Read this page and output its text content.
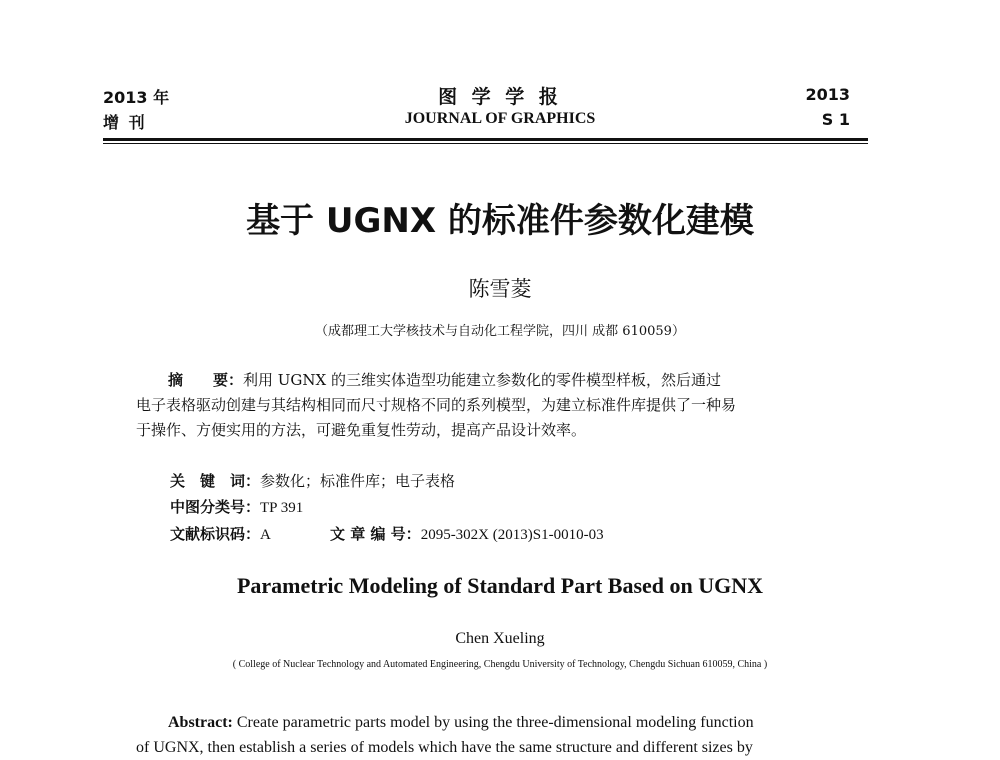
2013 年
增 刊
图 学 学 报
JOURNAL OF GRAPHICS
2013
S 1
基于 UGNX 的标准件参数化建模
陈雪菱
（成都理工大学核技术与自动化工程学院，四川 成都 610059）
摘　　要：利用 UGNX 的三维实体造型功能建立参数化的零件模型样板，然后通过
电子表格驱动创建与其结构相同而尺寸规格不同的系列模型，为建立标准件库提供了一种易
于操作、方便实用的方法，可避免重复性劳动，提高产品设计效率。
关　键　词：参数化；标准件库；电子表格
中图分类号：TP 391
文献标识码：A	文 章 编 号：2095-302X (2013)S1-0010-03
Parametric Modeling of Standard Part Based on UGNX
Chen Xueling
( College of Nuclear Technology and Automated Engineering, Chengdu University of Technology, Chengdu Sichuan 610059, China )
Abstract: Create parametric parts model by using the three-dimensional modeling function
of UGNX, then establish a series of models which have the same structure and different sizes by
